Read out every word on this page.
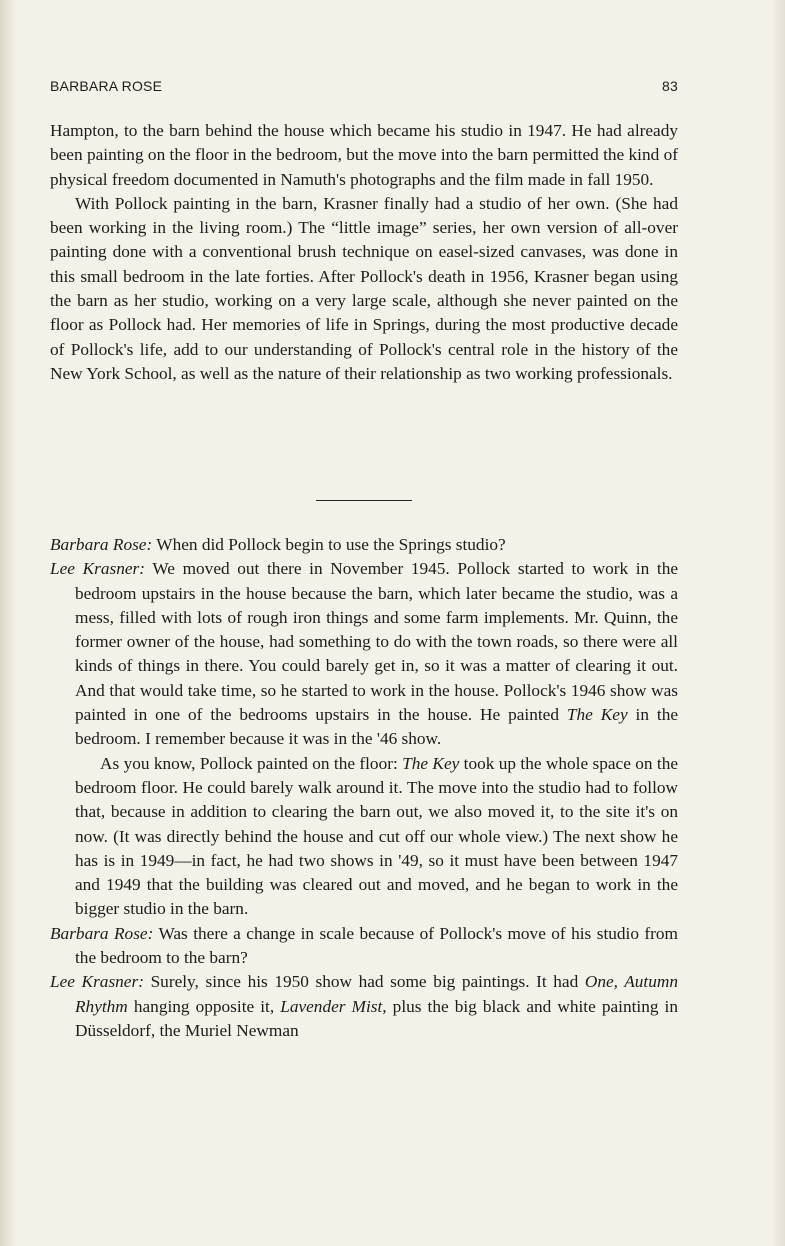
BARBARA ROSE	83

Hampton, to the barn behind the house which became his studio in 1947. He had already been painting on the floor in the bedroom, but the move into the barn permitted the kind of physical freedom documented in Namuth's photographs and the film made in fall 1950.

With Pollock painting in the barn, Krasner finally had a studio of her own. (She had been working in the living room.) The “little image” series, her own version of all-over painting done with a conventional brush technique on easel-sized canvases, was done in this small bedroom in the late forties. After Pollock's death in 1956, Krasner began using the barn as her studio, working on a very large scale, although she never painted on the floor as Pollock had. Her memories of life in Springs, during the most productive decade of Pollock's life, add to our understanding of Pollock's central role in the history of the New York School, as well as the nature of their relationship as two working professionals.

Barbara Rose: When did Pollock begin to use the Springs studio?

Lee Krasner: We moved out there in November 1945. Pollock started to work in the bedroom upstairs in the house because the barn, which later became the studio, was a mess, filled with lots of rough iron things and some farm implements. Mr. Quinn, the former owner of the house, had something to do with the town roads, so there were all kinds of things in there. You could barely get in, so it was a matter of clearing it out. And that would take time, so he started to work in the house. Pollock's 1946 show was painted in one of the bedrooms upstairs in the house. He painted The Key in the bedroom. I remember because it was in the '46 show.

As you know, Pollock painted on the floor: The Key took up the whole space on the bedroom floor. He could barely walk around it. The move into the studio had to follow that, because in addition to clearing the barn out, we also moved it, to the site it's on now. (It was directly behind the house and cut off our whole view.) The next show he has is in 1949—in fact, he had two shows in '49, so it must have been between 1947 and 1949 that the building was cleared out and moved, and he began to work in the bigger studio in the barn.

Barbara Rose: Was there a change in scale because of Pollock's move of his studio from the bedroom to the barn?

Lee Krasner: Surely, since his 1950 show had some big paintings. It had One, Autumn Rhythm hanging opposite it, Lavender Mist, plus the big black and white painting in Düsseldorf, the Muriel Newman
